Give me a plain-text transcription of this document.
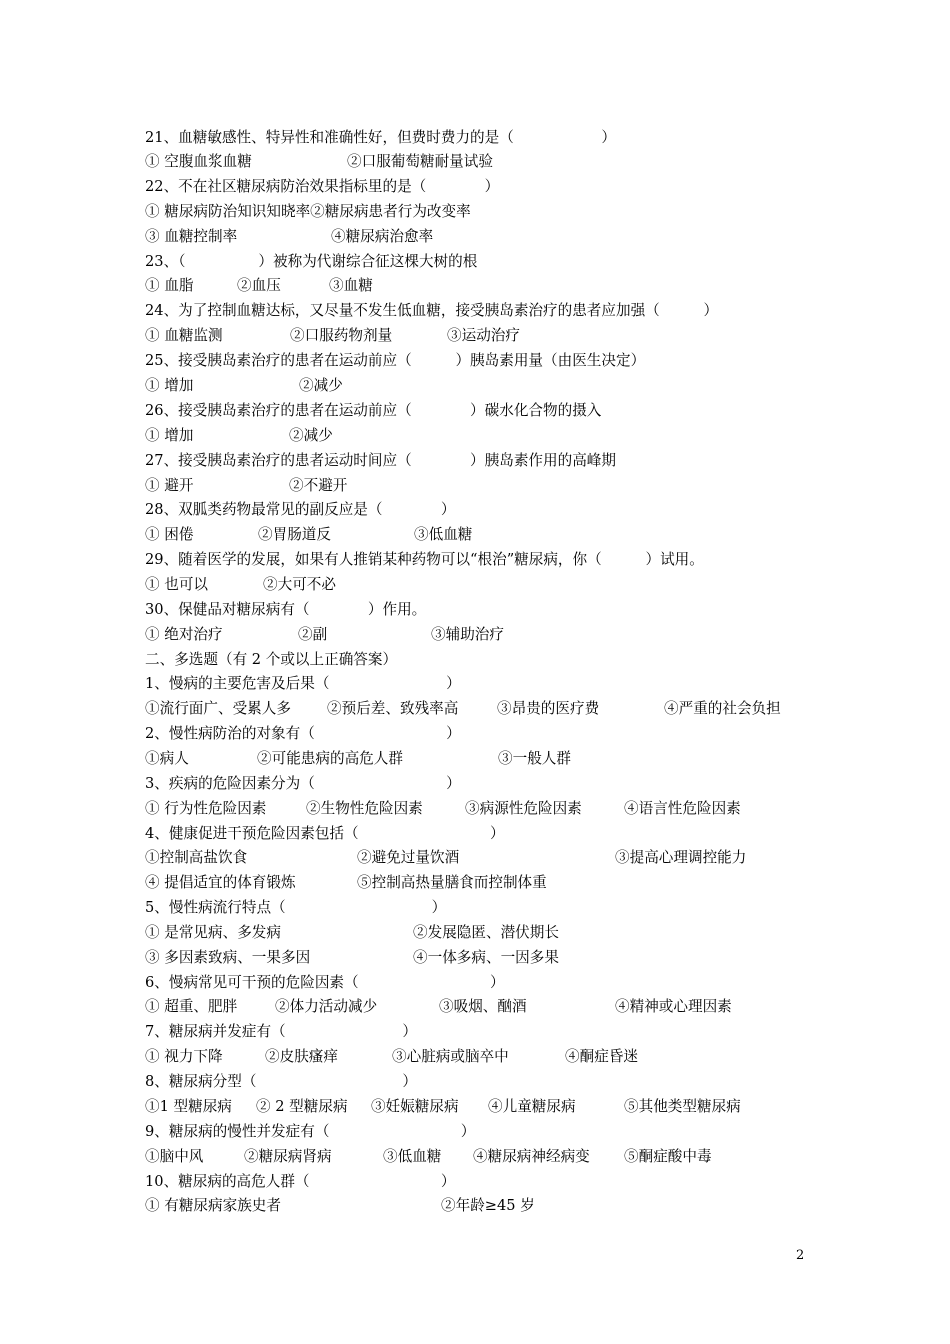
21、血糖敏感性、特异性和准确性好，但费时费力的是（　　　　　　）
① 空腹血浆血糖	②口服葡萄糖耐量试验
22、不在社区糖尿病防治效果指标里的是（　　　　）
① 糖尿病防治知识知晓率②糖尿病患者行为改变率
③ 血糖控制率	④糖尿病治愈率
23、（　　　　　）被称为代谢综合征这棵大树的根
① 血脂	②血压	③血糖
24、为了控制血糖达标，又尽量不发生低血糖，接受胰岛素治疗的患者应加强（　　　）
① 血糖监测	②口服药物剂量	③运动治疗
25、接受胰岛素治疗的患者在运动前应（　　　）胰岛素用量（由医生决定）
① 增加	②减少
26、接受胰岛素治疗的患者在运动前应（　　　　）碳水化合物的摄入
① 增加	②减少
27、接受胰岛素治疗的患者运动时间应（　　　　）胰岛素作用的高峰期
① 避开	②不避开
28、双胍类药物最常见的副反应是（　　　　）
① 困倦	②胃肠道反	③低血糖
29、随着医学的发展，如果有人推销某种药物可以“根治”糖尿病，你（　　　）试用。
① 也可以	②大可不必
30、保健品对糖尿病有（　　　　）作用。
① 绝对治疗	②副	③辅助治疗
二、多选题（有 2 个或以上正确答案）
1、慢病的主要危害及后果（　　　　　　　　）
①流行面广、受累人多 ②预后差、致残率高	③昂贵的医疗费	④严重的社会负担
2、慢性病防治的对象有（　　　　　　　　　）
①病人	②可能患病的高危人群	③一般人群
3、疾病的危险因素分为（　　　　　　　　　）
① 行为性危险因素	②生物性危险因素	③病源性危险因素	④语言性危险因素
4、健康促进干预危险因素包括（　　　　　　　　　）
①控制高盐饮食	②避免过量饮酒	③提高心理调控能力
④ 提倡适宜的体育锻炼	⑤控制高热量膳食而控制体重
5、慢性病流行特点（　　　　　　　　　　）
① 是常见病、多发病	②发展隐匿、潜伏期长
③ 多因素致病、一果多因	④一体多病、一因多果
6、慢病常见可干预的危险因素（　　　　　　　　　）
① 超重、肥胖	②体力活动减少	③吸烟、酗酒	④精神或心理因素
7、糖尿病并发症有（　　　　　　　　）
① 视力下降	②皮肤瘙痒	③心脏病或脑卒中	④酮症昏迷
8、糖尿病分型（　　　　　　　　　　）
①1 型糖尿病 ② 2 型糖尿病 ③妊娠糖尿病 ④儿童糖尿病	⑤其他类型糖尿病
9、糖尿病的慢性并发症有（　　　　　　　　　）
①脑中风	②糖尿病肾病	③低血糖 ④糖尿病神经病变 ⑤酮症酸中毒
10、糖尿病的高危人群（　　　　　　　　　）
① 有糖尿病家族史者	②年龄≥45 岁
2
